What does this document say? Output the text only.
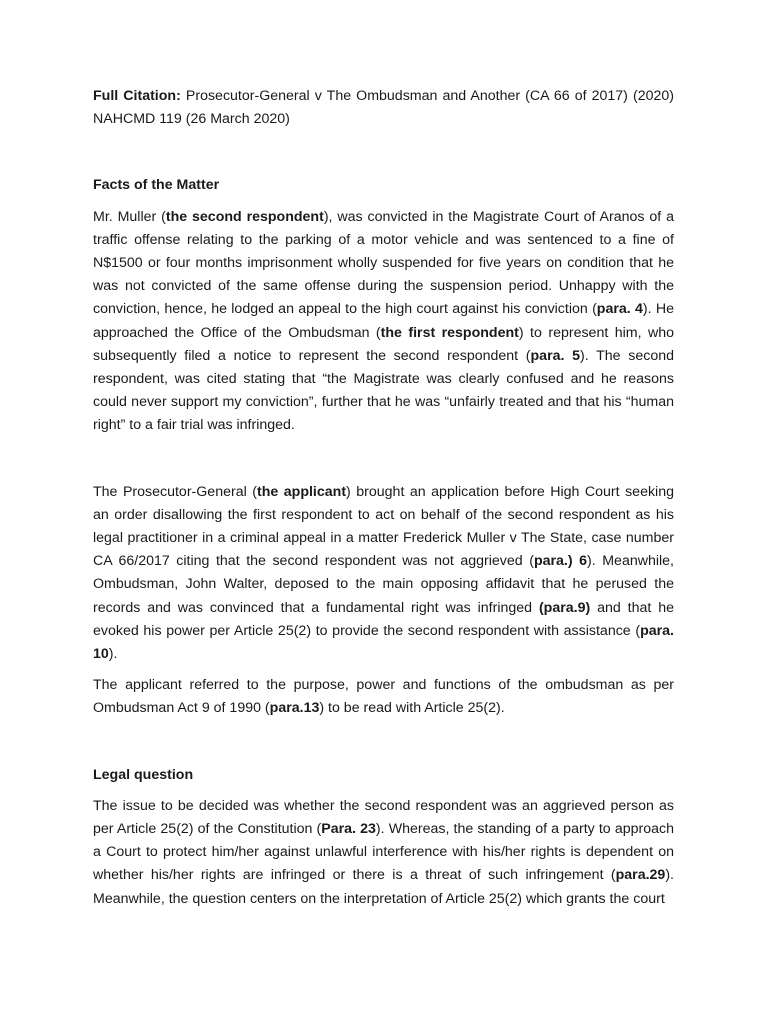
Full Citation: Prosecutor-General v The Ombudsman and Another (CA 66 of 2017) (2020) NAHCMD 119 (26 March 2020)

Facts of the Matter

Mr. Muller (the second respondent), was convicted in the Magistrate Court of Aranos of a traffic offense relating to the parking of a motor vehicle and was sentenced to a fine of N$1500 or four months imprisonment wholly suspended for five years on condition that he was not convicted of the same offense during the suspension period. Unhappy with the conviction, hence, he lodged an appeal to the high court against his conviction (para. 4). He approached the Office of the Ombudsman (the first respondent) to represent him, who subsequently filed a notice to represent the second respondent (para. 5). The second respondent, was cited stating that “the Magistrate was clearly confused and he reasons could never support my conviction”, further that he was “unfairly treated and that his “human right” to a fair trial was infringed.

The Prosecutor-General (the applicant) brought an application before High Court seeking an order disallowing the first respondent to act on behalf of the second respondent as his legal practitioner in a criminal appeal in a matter Frederick Muller v The State, case number CA 66/2017 citing that the second respondent was not aggrieved (para.) 6). Meanwhile, Ombudsman, John Walter, deposed to the main opposing affidavit that he perused the records and was convinced that a fundamental right was infringed (para.9) and that he evoked his power per Article 25(2) to provide the second respondent with assistance (para. 10).

The applicant referred to the purpose, power and functions of the ombudsman as per Ombudsman Act 9 of 1990 (para.13) to be read with Article 25(2).

Legal question

The issue to be decided was whether the second respondent was an aggrieved person as per Article 25(2) of the Constitution (Para. 23). Whereas, the standing of a party to approach a Court to protect him/her against unlawful interference with his/her rights is dependent on whether his/her rights are infringed or there is a threat of such infringement (para.29). Meanwhile, the question centers on the interpretation of Article 25(2) which grants the court
